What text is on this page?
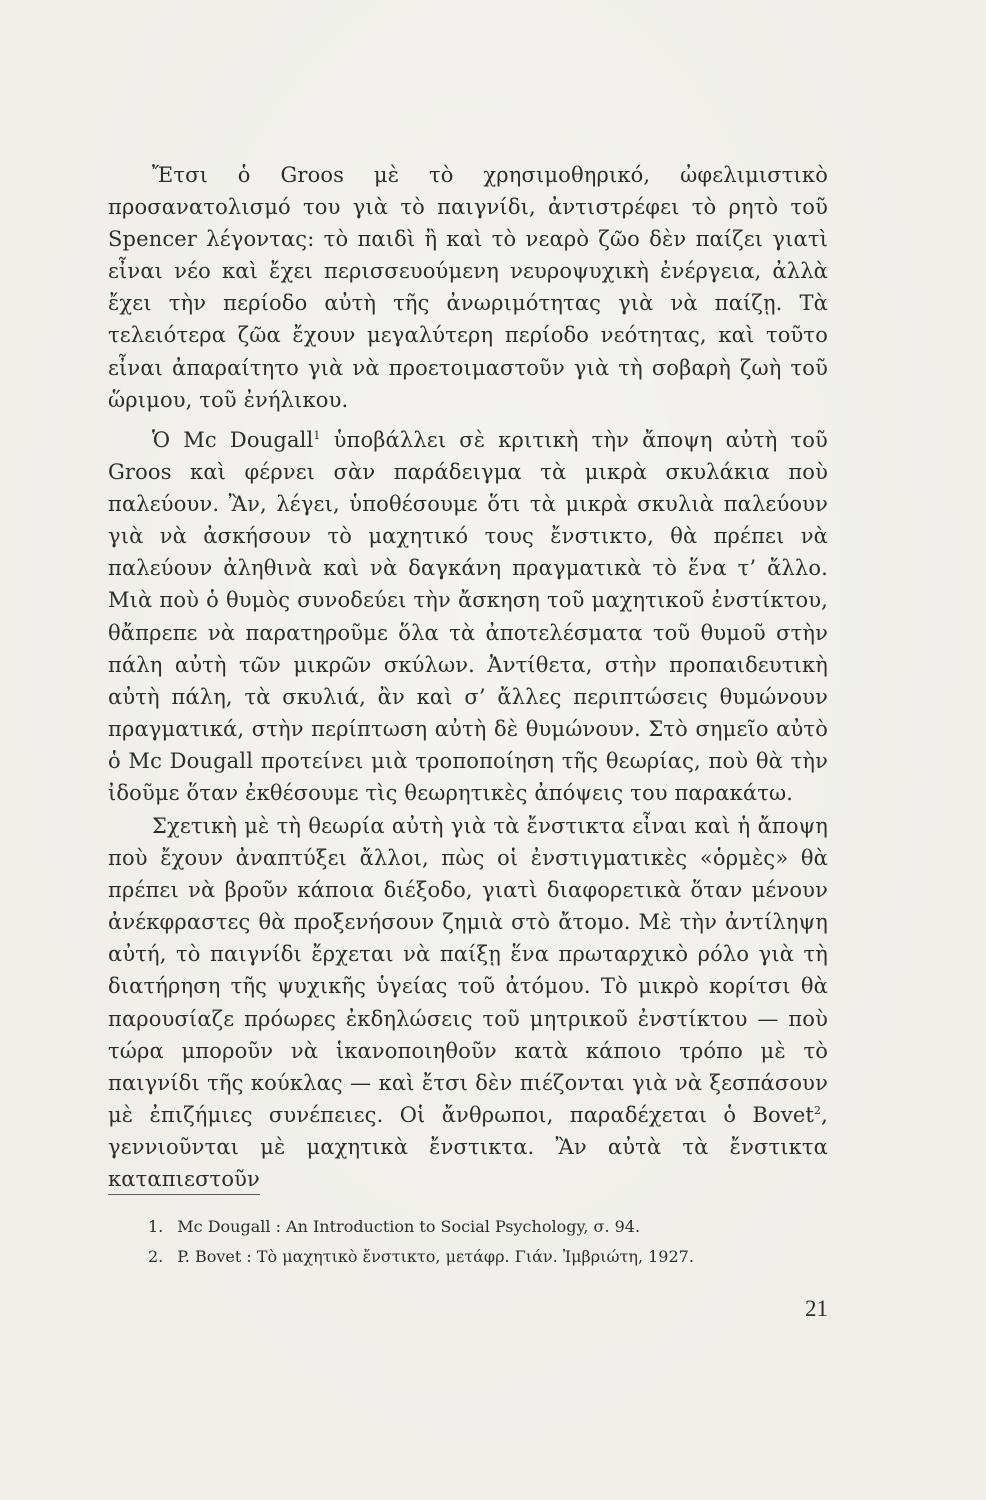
Ἔτσι ὁ Groos μὲ τὸ χρησιμοθηρικό, ὠφελιμιστικὸ προσανατολισμό του γιὰ τὸ παιγνίδι, ἀντιστρέφει τὸ ρητὸ τοῦ Spencer λέγοντας: τὸ παιδὶ ἢ καὶ τὸ νεαρὸ ζῶο δὲν παίζει γιατὶ εἶναι νέο καὶ ἔχει περισσευούμενη νευροψυχικὴ ἐνέργεια, ἀλλὰ ἔχει τὴν περίοδο αὐτὴ τῆς ἀνωριμότητας γιὰ νὰ παίζῃ. Τὰ τελειότερα ζῶα ἔχουν μεγαλύτερη περίοδο νεότητας, καὶ τοῦτο εἶναι ἀπαραίτητο γιὰ νὰ προετοιμαστοῦν γιὰ τὴ σοβαρὴ ζωὴ τοῦ ὥριμου, τοῦ ἐνήλικου.

Ὁ Mc Dougall$^1$ ὑποβάλλει σὲ κριτικὴ τὴν ἄποψη αὐτὴ τοῦ Groos καὶ φέρνει σὰν παράδειγμα τὰ μικρὰ σκυλάκια ποὺ παλεύουν. Ἂν, λέγει, ὑποθέσουμε ὅτι τὰ μικρὰ σκυλιὰ παλεύουν γιὰ νὰ ἀσκήσουν τὸ μαχητικό τους ἔνστικτο, θὰ πρέπει νὰ παλεύουν ἀληθινὰ καὶ νὰ δαγκάνη πραγματικὰ τὸ ἕνα τ’ ἄλλο. Μιὰ ποὺ ὁ θυμὸς συνοδεύει τὴν ἄσκηση τοῦ μαχητικοῦ ἐνστίκτου, θἄπρεπε νὰ παρατηροῦμε ὅλα τὰ ἀποτελέσματα τοῦ θυμοῦ στὴν πάλη αὐτὴ τῶν μικρῶν σκύλων. Ἀντίθετα, στὴν προπαιδευτικὴ αὐτὴ πάλη, τὰ σκυλιά, ἂν καὶ σ’ ἄλλες περιπτώσεις θυμώνουν πραγματικά, στὴν περίπτωση αὐτὴ δὲ θυμώνουν. Στὸ σημεῖο αὐτὸ ὁ Mc Dougall προτείνει μιὰ τροποποίηση τῆς θεωρίας, ποὺ θὰ τὴν ἰδοῦμε ὅταν ἐκθέσουμε τὶς θεωρητικὲς ἀπόψεις του παρακάτω.

Σχετικὴ μὲ τὴ θεωρία αὐτὴ γιὰ τὰ ἔνστικτα εἶναι καὶ ἡ ἄποψη ποὺ ἔχουν ἀναπτύξει ἄλλοι, πὼς οἱ ἐνστιγματικὲς «ὁρμὲς» θὰ πρέπει νὰ βροῦν κάποια διέξοδο, γιατὶ διαφορετικὰ ὅταν μένουν ἀνέκφραστες θὰ προξενήσουν ζημιὰ στὸ ἄτομο. Μὲ τὴν ἀντίληψη αὐτή, τὸ παιγνίδι ἔρχεται νὰ παίξῃ ἕνα πρωταρχικὸ ρόλο γιὰ τὴ διατήρηση τῆς ψυχικῆς ὑγείας τοῦ ἀτόμου. Τὸ μικρὸ κορίτσι θὰ παρουσίαζε πρόωρες ἐκδηλώσεις τοῦ μητρικοῦ ἐνστίκτου — ποὺ τώρα μποροῦν νὰ ἱκανοποιηθοῦν κατὰ κάποιο τρόπο μὲ τὸ παιγνίδι τῆς κούκλας — καὶ ἔτσι δὲν πιέζονται γιὰ νὰ ξεσπάσουν μὲ ἐπιζήμιες συνέπειες. Οἱ ἄνθρωποι, παραδέχεται ὁ Bovet$^2$, γεννιοῦνται μὲ μαχητικὰ ἔνστικτα. Ἂν αὐτὰ τὰ ἔνστικτα καταπιεστοῦν

1. Mc Dougall : An Introduction to Social Psychology, σ. 94.
2. P. Bovet : Τὸ μαχητικὸ ἔνστικτο, μετάφρ. Γιάν. Ἰμβριώτη, 1927.
21
